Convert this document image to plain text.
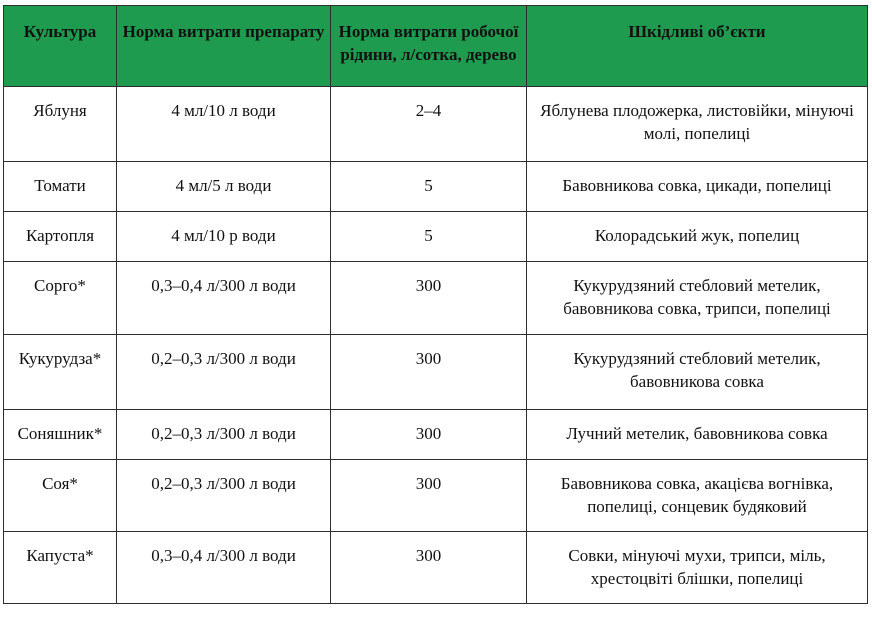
Культура	Норма витрати препарату	Норма витрати робочої рідини, л/сотка, дерево	Шкідливі об’єкти
Яблуня	4 мл/10 л води	2–4	Яблунева плодожерка, листовійки, мінуючі молі, попелиці
Томати	4 мл/5 л води	5	Бавовникова совка, цикади, попелиці
Картопля	4 мл/10 р води	5	Колорадський жук, попелиц
Сорго*	0,3–0,4 л/300 л води	300	Кукурудзяний стебловий метелик, бавовникова совка, трипси, попелиці
Кукурудза*	0,2–0,3 л/300 л води	300	Кукурудзяний стебловий метелик, бавовникова совка
Соняшник*	0,2–0,3 л/300 л води	300	Лучний метелик, бавовникова совка
Соя*	0,2–0,3 л/300 л води	300	Бавовникова совка, акацієва вогнівка, попелиці, сонцевик будяковий
Капуста*	0,3–0,4 л/300 л води	300	Совки, мінуючі мухи, трипси, міль, хрестоцвіті блішки, попелиці
